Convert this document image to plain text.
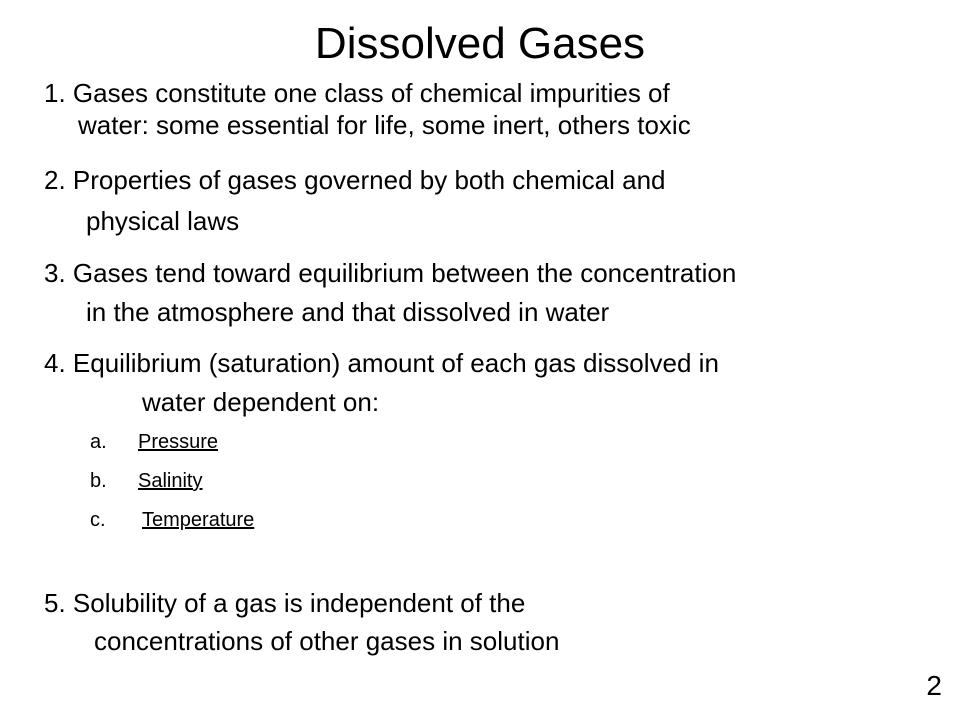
Dissolved Gases
1. Gases constitute one class of chemical impurities of
water: some essential for life, some inert, others toxic
2. Properties of gases governed by both chemical and
physical laws
3. Gases tend toward equilibrium between the concentration
in the atmosphere and that dissolved in water
4. Equilibrium (saturation) amount of each gas dissolved in
water dependent on:
a. Pressure
b. Salinity
c. Temperature
5. Solubility of a gas is independent of the
concentrations of other gases in solution
2
